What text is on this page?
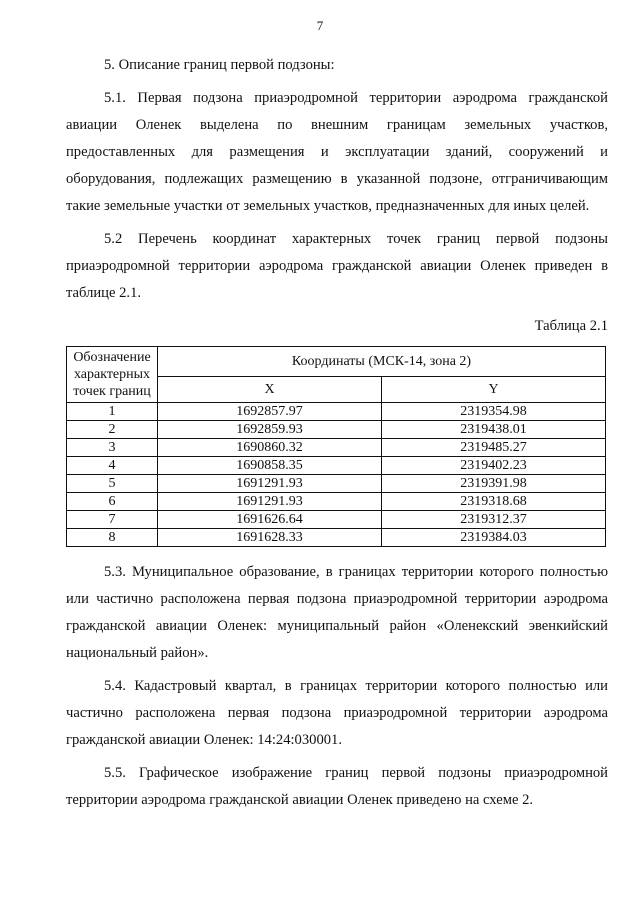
7

5. Описание границ первой подзоны:

5.1. Первая подзона приаэродромной территории аэродрома гражданской авиации Оленек выделена по внешним границам земельных участков, предоставленных для размещения и эксплуатации зданий, сооружений и оборудования, подлежащих размещению в указанной подзоне, отграничивающим такие земельные участки от земельных участков, предназначенных для иных целей.

5.2 Перечень координат характерных точек границ первой подзоны приаэродромной территории аэродрома гражданской авиации Оленек приведен в таблице 2.1.

Таблица 2.1

Обозначение характерных точек границ	Координаты (МСК-14, зона 2)	
	X	Y
1	1692857.97	2319354.98
2	1692859.93	2319438.01
3	1690860.32	2319485.27
4	1690858.35	2319402.23
5	1691291.93	2319391.98
6	1691291.93	2319318.68
7	1691626.64	2319312.37
8	1691628.33	2319384.03

5.3. Муниципальное образование, в границах территории которого полностью или частично расположена первая подзона приаэродромной территории аэродрома гражданской авиации Оленек: муниципальный район «Оленекский эвенкийский национальный район».

5.4. Кадастровый квартал, в границах территории которого полностью или частично расположена первая подзона приаэродромной территории аэродрома гражданской авиации Оленек: 14:24:030001.

5.5. Графическое изображение границ первой подзоны приаэродромной территории аэродрома гражданской авиации Оленек приведено на схеме 2.
